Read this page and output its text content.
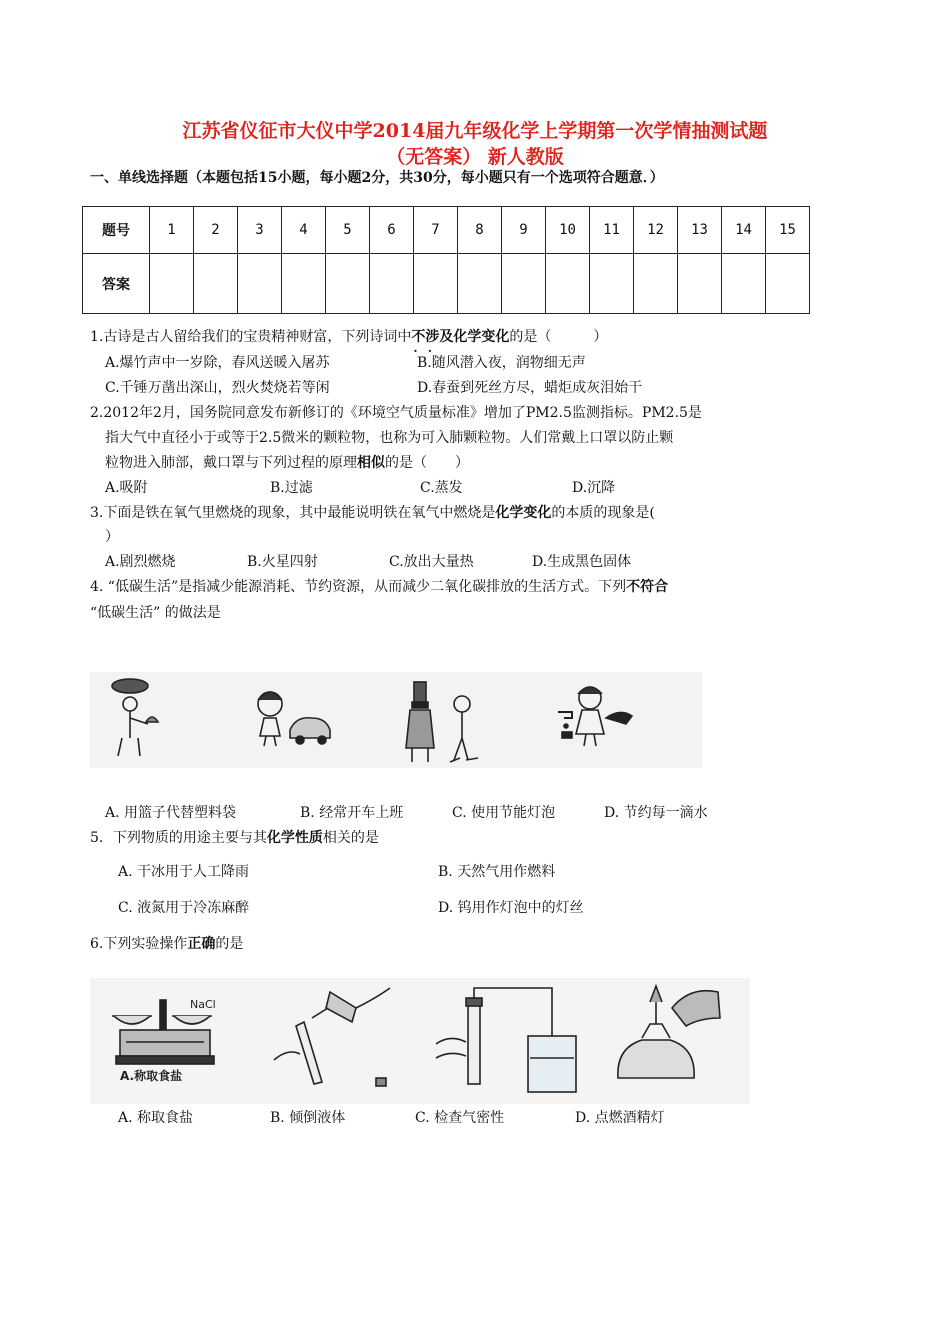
江苏省仪征市大仪中学2014届九年级化学上学期第一次学情抽测试题
（无答案） 新人教版
一、单线选择题（本题包括15小题，每小题2分，共30分，每小题只有一个选项符合题意．）
题号	1	2	3	4	5	6	7	8	9	10	11	12	13	14	15
答案															
1.古诗是古人留给我们的宝贵精神财富，下列诗词中不涉及化学变化 · ·的是（　　　）
A.爆竹声中一岁除，春风送暖入屠苏	B.随风潜入夜，润物细无声
C.千锤万凿出深山，烈火焚烧若等闲	D.春蚕到死丝方尽，蜡炬成灰泪始干
2.2012年2月，国务院同意发布新修订的《环境空气质量标准》增加了PM2.5监测指标。PM2.5是
指大气中直径小于或等于2.5微米的颗粒物，也称为可入肺颗粒物。人们常戴上口罩以防止颗
粒物进入肺部，戴口罩与下列过程的原理相似的是（　　）
A.吸附	B.过滤	C.蒸发	D.沉降
3.下面是铁在氧气里燃烧的现象，其中最能说明铁在氧气中燃烧是化学变化的本质的现象是(
）
A.剧烈燃烧	B.火星四射	C.放出大量热	D.生成黑色固体
4. “低碳生活”是指减少能源消耗、节约资源，从而减少二氧化碳排放的生活方式。下列不符合
“低碳生活” 的做法是
A. 用篮子代替塑料袋	B. 经常开车上班	C. 使用节能灯泡	D. 节约每一滴水
5．下列物质的用途主要与其化学性质相关的是
A. 干冰用于人工降雨	B. 天然气用作燃料
C. 液氮用于冷冻麻醉	D. 钨用作灯泡中的灯丝
6.下列实验操作正确的是
NaCl
A.称取食盐
A. 称取食盐	B. 倾倒液体	C. 检查气密性	D. 点燃酒精灯
